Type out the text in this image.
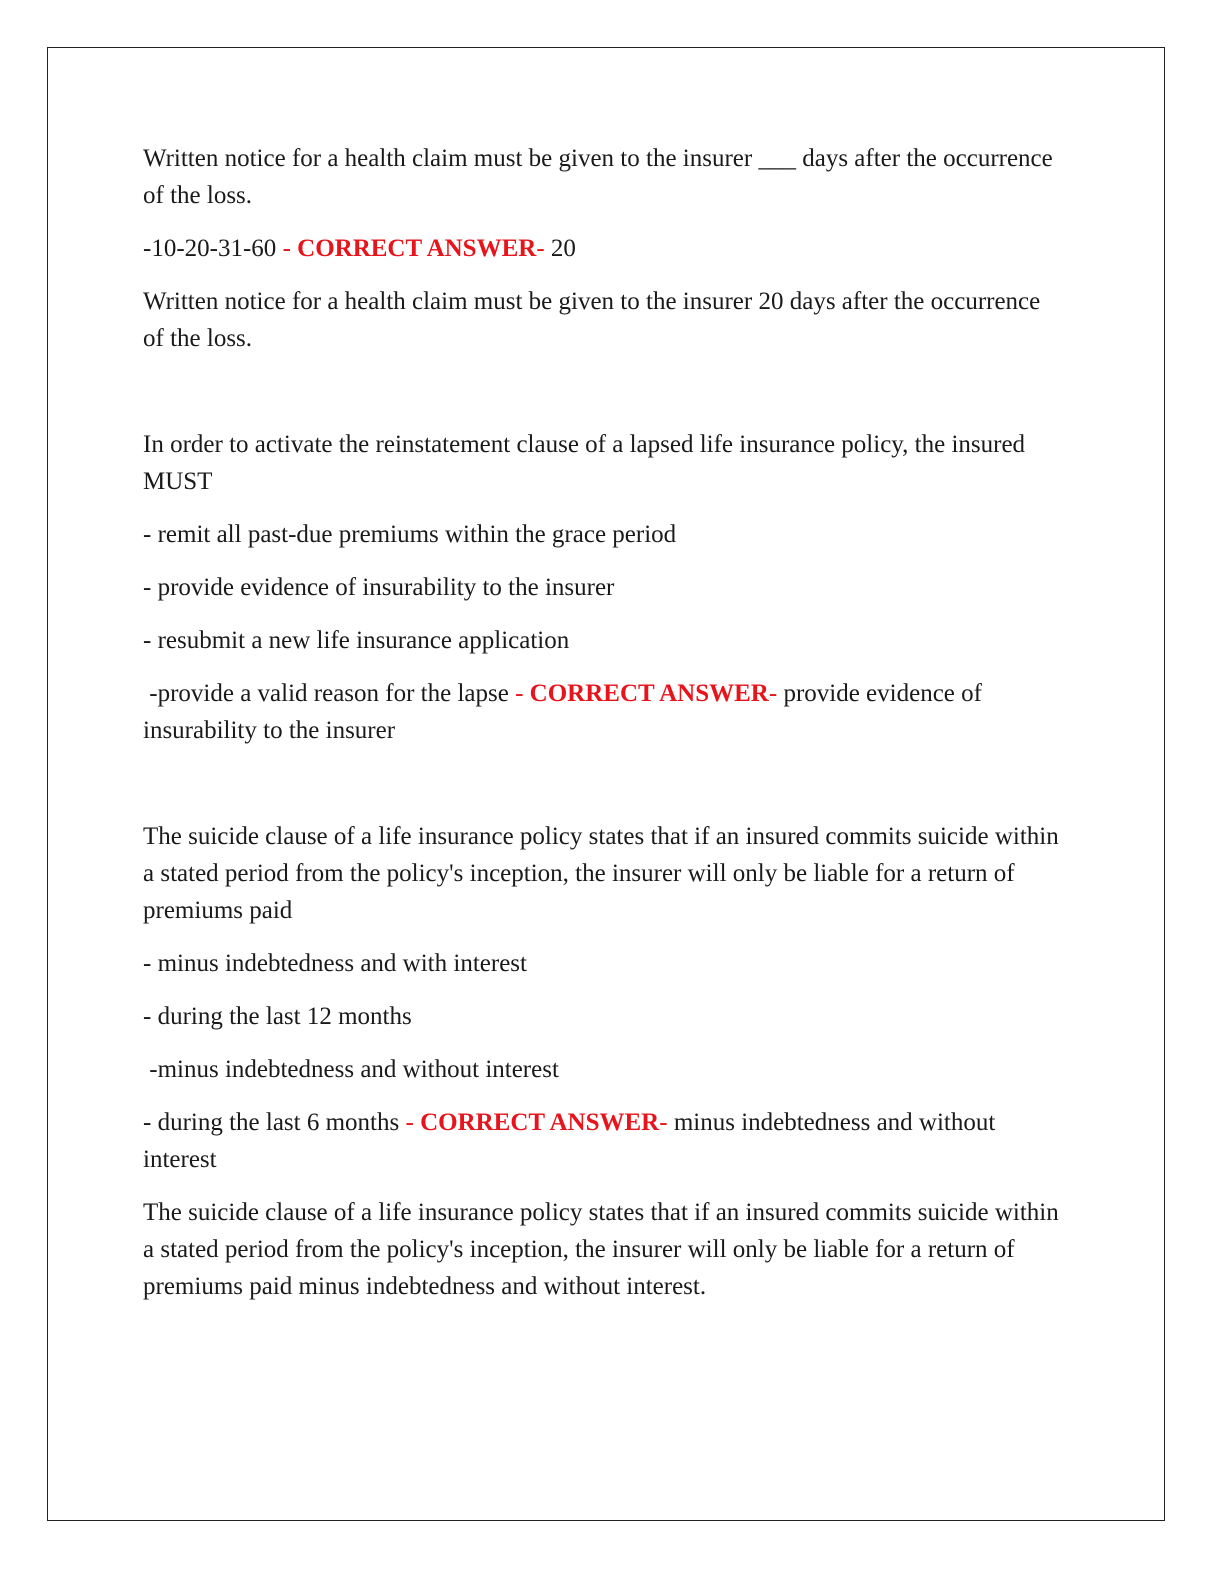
Written notice for a health claim must be given to the insurer ___ days after the occurrence of the loss.

-10-20-31-60 - CORRECT ANSWER- 20

Written notice for a health claim must be given to the insurer 20 days after the occurrence of the loss.

In order to activate the reinstatement clause of a lapsed life insurance policy, the insured MUST

- remit all past-due premiums within the grace period

- provide evidence of insurability to the insurer

- resubmit a new life insurance application

-provide a valid reason for the lapse - CORRECT ANSWER- provide evidence of insurability to the insurer

The suicide clause of a life insurance policy states that if an insured commits suicide within a stated period from the policy's inception, the insurer will only be liable for a return of premiums paid

- minus indebtedness and with interest

- during the last 12 months

-minus indebtedness and without interest

- during the last 6 months - CORRECT ANSWER- minus indebtedness and without interest

The suicide clause of a life insurance policy states that if an insured commits suicide within a stated period from the policy's inception, the insurer will only be liable for a return of premiums paid minus indebtedness and without interest.
